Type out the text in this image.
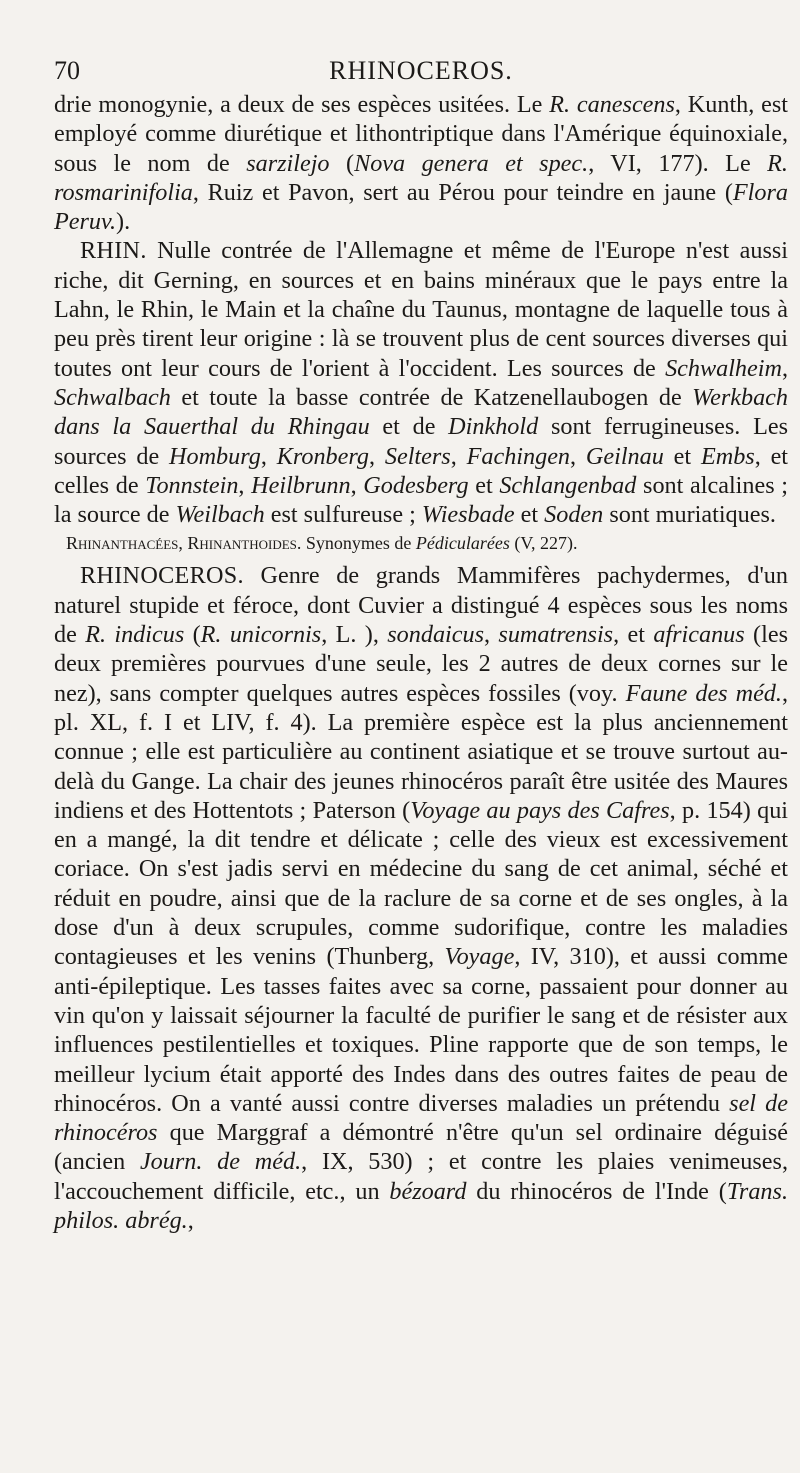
70	RHINOCEROS.

drie monogynie, a deux de ses espèces usitées. Le R. canescens, Kunth, est employé comme diurétique et lithontriptique dans l'Amérique équinoxiale, sous le nom de sarzilejo (Nova genera et spec., VI, 177). Le R. rosmarinifolia, Ruiz et Pavon, sert au Pérou pour teindre en jaune (Flora Peruv.).

RHIN. Nulle contrée de l'Allemagne et même de l'Europe n'est aussi riche, dit Gerning, en sources et en bains minéraux que le pays entre la Lahn, le Rhin, le Main et la chaîne du Taunus, montagne de laquelle tous à peu près tirent leur origine : là se trouvent plus de cent sources diverses qui toutes ont leur cours de l'orient à l'occident. Les sources de Schwalheim, Schwalbach et toute la basse contrée de Katzenellaubogen de Werkbach dans la Sauerthal du Rhingau et de Dinkhold sont ferrugineuses. Les sources de Homburg, Kronberg, Selters, Fachingen, Geilnau et Embs, et celles de Tonnstein, Heilbrunn, Godesberg et Schlangenbad sont alcalines ; la source de Weilbach est sulfureuse ; Wiesbade et Soden sont muriatiques.

Rhinanthacées, Rhinanthoides. Synonymes de Pédicularées (V, 227).

RHINOCEROS. Genre de grands Mammifères pachydermes, d'un naturel stupide et féroce, dont Cuvier a distingué 4 espèces sous les noms de R. indicus (R. unicornis, L. ), sondaicus, sumatrensis, et africanus (les deux premières pourvues d'une seule, les 2 autres de deux cornes sur le nez), sans compter quelques autres espèces fossiles (voy. Faune des méd., pl. XL, f. I et LIV, f. 4). La première espèce est la plus anciennement connue ; elle est particulière au continent asiatique et se trouve surtout au-delà du Gange. La chair des jeunes rhinocéros paraît être usitée des Maures indiens et des Hottentots ; Paterson (Voyage au pays des Cafres, p. 154) qui en a mangé, la dit tendre et délicate ; celle des vieux est excessivement coriace. On s'est jadis servi en médecine du sang de cet animal, séché et réduit en poudre, ainsi que de la raclure de sa corne et de ses ongles, à la dose d'un à deux scrupules, comme sudorifique, contre les maladies contagieuses et les venins (Thunberg, Voyage, IV, 310), et aussi comme anti-épileptique. Les tasses faites avec sa corne, passaient pour donner au vin qu'on y laissait séjourner la faculté de purifier le sang et de résister aux influences pestilentielles et toxiques. Pline rapporte que de son temps, le meilleur lycium était apporté des Indes dans des outres faites de peau de rhinocéros. On a vanté aussi contre diverses maladies un prétendu sel de rhinocéros que Marggraf a démontré n'être qu'un sel ordinaire déguisé (ancien Journ. de méd., IX, 530) ; et contre les plaies venimeuses, l'accouchement difficile, etc., un bézoard du rhinocéros de l'Inde (Trans. philos. abrég.,
